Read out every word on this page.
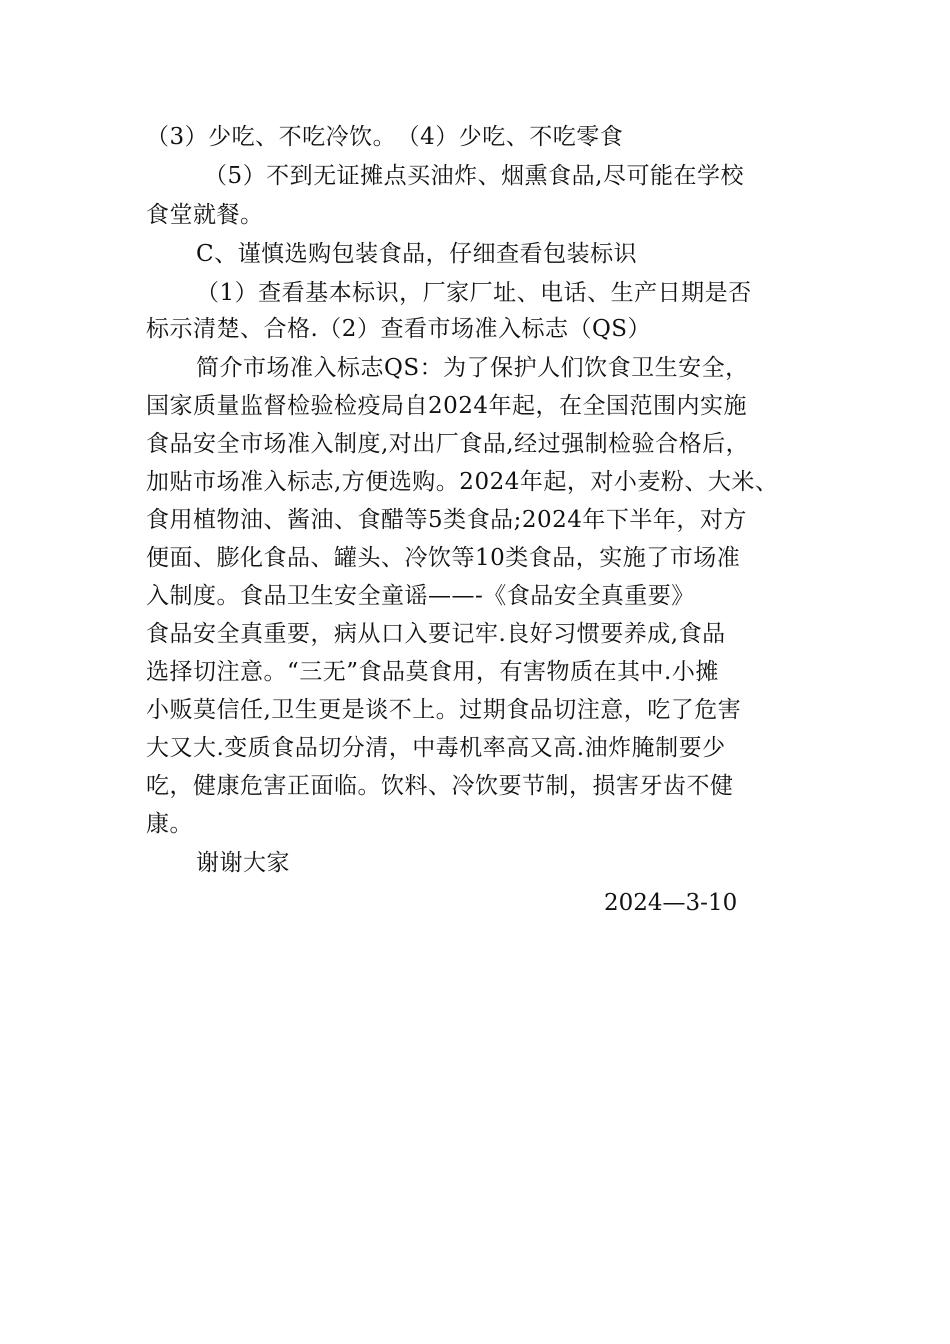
（3）少吃、不吃冷饮。　（4）少吃、不吃零食
（5）不到无证摊点买油炸、烟熏食品,尽可能在学校
食堂就餐。
C、谨慎选购包装食品，仔细查看包装标识
（1）查看基本标识，厂家厂址、电话、生产日期是否
标示清楚、合格.（2）查看市场准入标志（QS）
简介市场准入标志QS：为了保护人们饮食卫生安全，
国家质量监督检验检疫局自2024年起，在全国范围内实施
食品安全市场准入制度,对出厂食品,经过强制检验合格后，
加贴市场准入标志,方便选购。2024年起，对小麦粉、大米、
食用植物油、酱油、食醋等5类食品;2024年下半年，对方
便面、膨化食品、罐头、冷饮等10类食品，实施了市场准
入制度。食品卫生安全童谣——-《食品安全真重要》
食品安全真重要，病从口入要记牢.良好习惯要养成,食品
选择切注意。“三无”食品莫食用，有害物质在其中.小摊
小贩莫信任,卫生更是谈不上。过期食品切注意，吃了危害
大又大.变质食品切分清，中毒机率高又高.油炸腌制要少
吃，健康危害正面临。饮料、冷饮要节制，损害牙齿不健
康。
谢谢大家
2024—3-10
